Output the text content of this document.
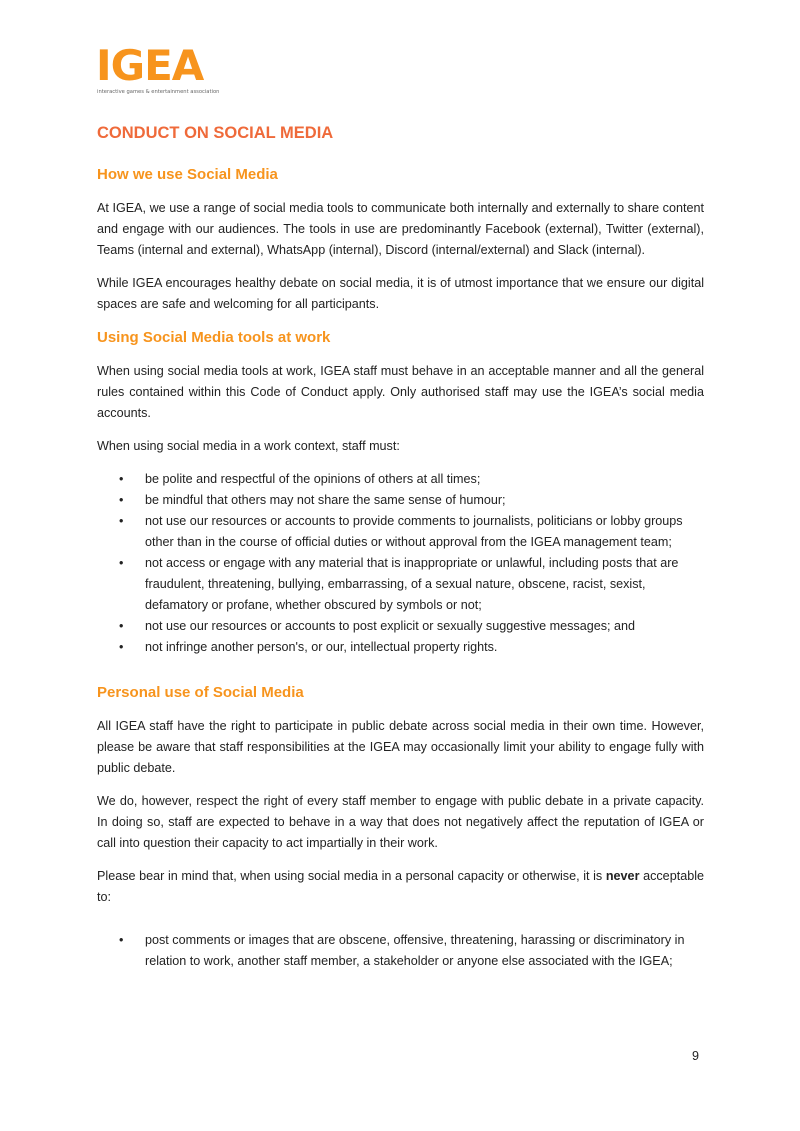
IGEA
interactive games & entertainment association
CONDUCT ON SOCIAL MEDIA
How we use Social Media

At IGEA, we use a range of social media tools to communicate both internally and externally to share content and engage with our audiences. The tools in use are predominantly Facebook (external), Twitter (external), Teams (internal and external), WhatsApp (internal), Discord (internal/external) and Slack (internal).

While IGEA encourages healthy debate on social media, it is of utmost importance that we ensure our digital spaces are safe and welcoming for all participants.

Using Social Media tools at work

When using social media tools at work, IGEA staff must behave in an acceptable manner and all the general rules contained within this Code of Conduct apply. Only authorised staff may use the IGEA’s social media accounts.

When using social media in a work context, staff must:

• be polite and respectful of the opinions of others at all times;
• be mindful that others may not share the same sense of humour;
• not use our resources or accounts to provide comments to journalists, politicians or lobby groups other than in the course of official duties or without approval from the IGEA management team;
• not access or engage with any material that is inappropriate or unlawful, including posts that are fraudulent, threatening, bullying, embarrassing, of a sexual nature, obscene, racist, sexist, defamatory or profane, whether obscured by symbols or not;
• not use our resources or accounts to post explicit or sexually suggestive messages; and
• not infringe another person's, or our, intellectual property rights.
Personal use of Social Media

All IGEA staff have the right to participate in public debate across social media in their own time. However, please be aware that staff responsibilities at the IGEA may occasionally limit your ability to engage fully with public debate.

We do, however, respect the right of every staff member to engage with public debate in a private capacity. In doing so, staff are expected to behave in a way that does not negatively affect the reputation of IGEA or call into question their capacity to act impartially in their work.

Please bear in mind that, when using social media in a personal capacity or otherwise, it is never acceptable to:

• post comments or images that are obscene, offensive, threatening, harassing or discriminatory in relation to work, another staff member, a stakeholder or anyone else associated with the IGEA;
9
